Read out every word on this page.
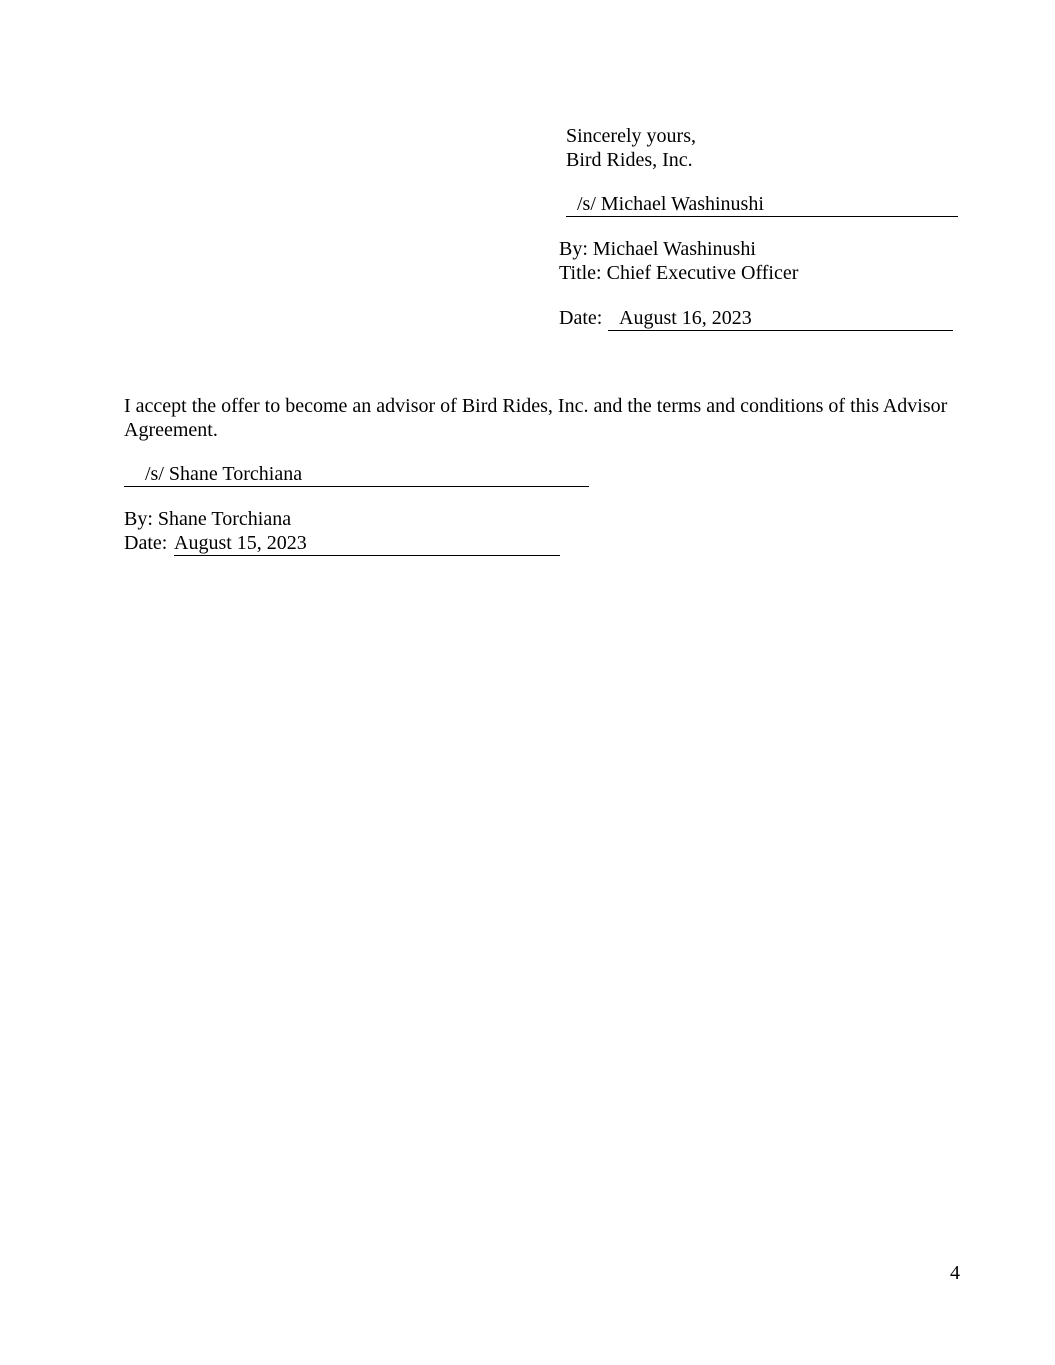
Sincerely yours,
Bird Rides, Inc.
/s/ Michael Washinushi
By: Michael Washinushi
Title: Chief Executive Officer
Date: August 16, 2023
I accept the offer to become an advisor of Bird Rides, Inc. and the terms and conditions of this Advisor Agreement.
/s/ Shane Torchiana
By: Shane Torchiana
Date: August 15, 2023
4
